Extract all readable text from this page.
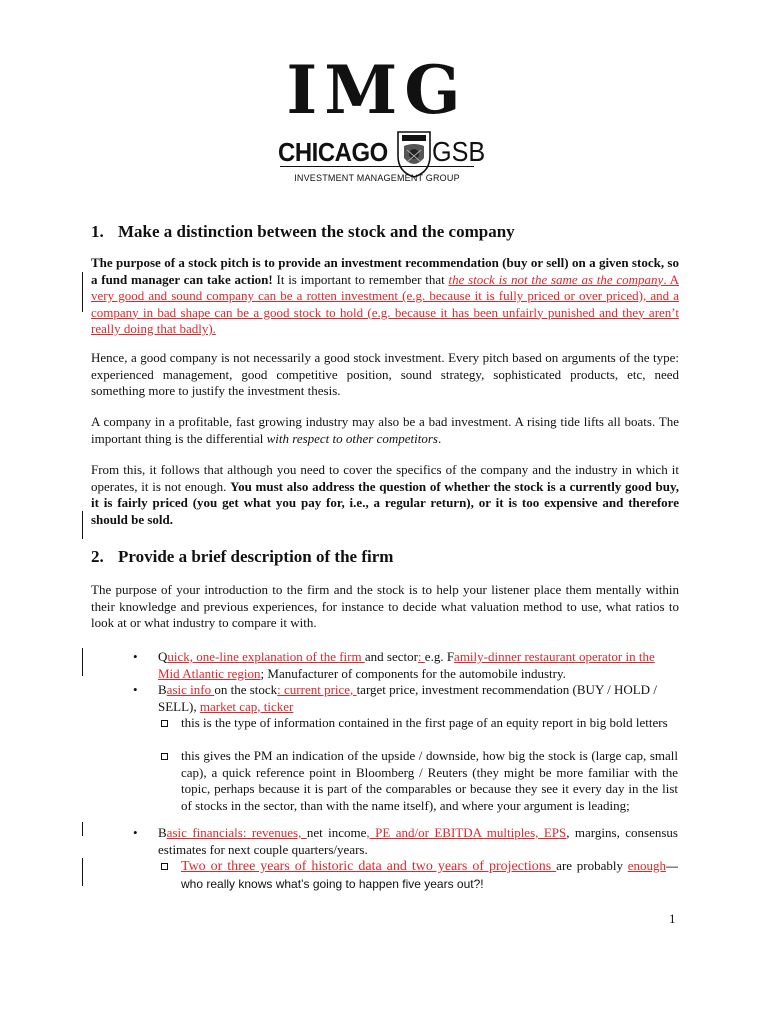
IMG
CHICAGO GSB
INVESTMENT MANAGEMENT GROUP
1. Make a distinction between the stock and the company

The purpose of a stock pitch is to provide an investment recommendation (buy or sell) on a given stock, so a fund manager can take action! It is important to remember that the stock is not the same as the company. A very good and sound company can be a rotten investment (e.g. because it is fully priced or over priced), and a company in bad shape can be a good stock to hold (e.g. because it has been unfairly punished and they aren’t really doing that badly).

Hence, a good company is not necessarily a good stock investment. Every pitch based on arguments of the type: experienced management, good competitive position, sound strategy, sophisticated products, etc, need something more to justify the investment thesis.

A company in a profitable, fast growing industry may also be a bad investment. A rising tide lifts all boats. The important thing is the differential with respect to other competitors.

From this, it follows that although you need to cover the specifics of the company and the industry in which it operates, it is not enough. You must also address the question of whether the stock is a currently good buy, it is fairly priced (you get what you pay for, i.e., a regular return), or it is too expensive and therefore should be sold.

2. Provide a brief description of the firm

The purpose of your introduction to the firm and the stock is to help your listener place them mentally within their knowledge and previous experiences, for instance to decide what valuation method to use, what ratios to look at or what industry to compare it with.

• Quick, one-line explanation of the firm and sector: e.g. Family-dinner restaurant operator in the Mid Atlantic region; Manufacturer of components for the automobile industry.

• Basic info on the stock: current price, target price, investment recommendation (BUY / HOLD / SELL), market cap, ticker

this is the type of information contained in the first page of an equity report in big bold letters

this gives the PM an indication of the upside / downside, how big the stock is (large cap, small cap), a quick reference point in Bloomberg / Reuters (they might be more familiar with the topic, perhaps because it is part of the comparables or because they see it every day in the list of stocks in the sector, than with the name itself), and where your argument is leading;

• Basic financials: revenues, net income, PE and/or EBITDA multiples, EPS, margins, consensus estimates for next couple quarters/years.

Two or three years of historic data and two years of projections are probably enough—who really knows what’s going to happen five years out?!

1
